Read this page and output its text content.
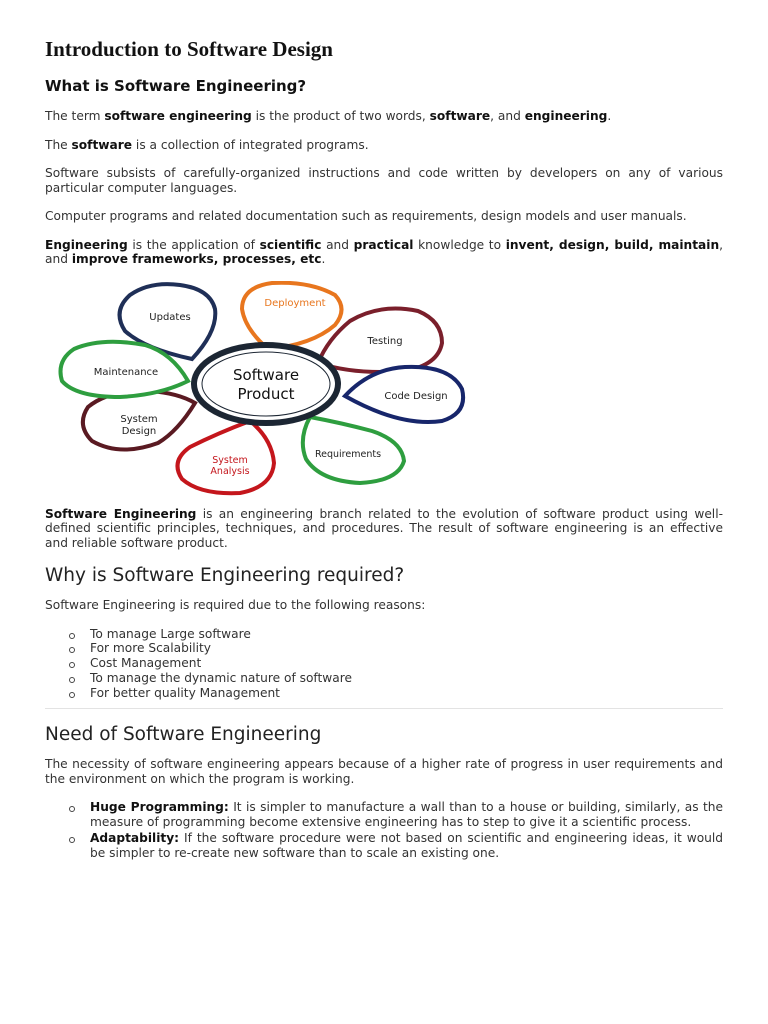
Introduction to Software Design
What is Software Engineering?

The term software engineering is the product of two words, software, and engineering.

The software is a collection of integrated programs.

Software subsists of carefully-organized instructions and code written by developers on any of various particular computer languages.

Computer programs and related documentation such as requirements, design models and user manuals.

Engineering is the application of scientific and practical knowledge to invent, design, build, maintain, and improve frameworks, processes, etc.

Updates
Deployment
Testing
Code Design
Requirements
System
Analysis
System
Design
Maintenance	Software
Product

Software Engineering is an engineering branch related to the evolution of software product using well-defined scientific principles, techniques, and procedures. The result of software engineering is an effective and reliable software product.

Why is Software Engineering required?

Software Engineering is required due to the following reasons:

To manage Large software
For more Scalability
Cost Management
To manage the dynamic nature of software
For better quality Management
Need of Software Engineering

The necessity of software engineering appears because of a higher rate of progress in user requirements and the environment on which the program is working.

Huge Programming: It is simpler to manufacture a wall than to a house or building, similarly, as the measure of programming become extensive engineering has to step to give it a scientific process.
Adaptability: If the software procedure were not based on scientific and engineering ideas, it would be simpler to re-create new software than to scale an existing one.
